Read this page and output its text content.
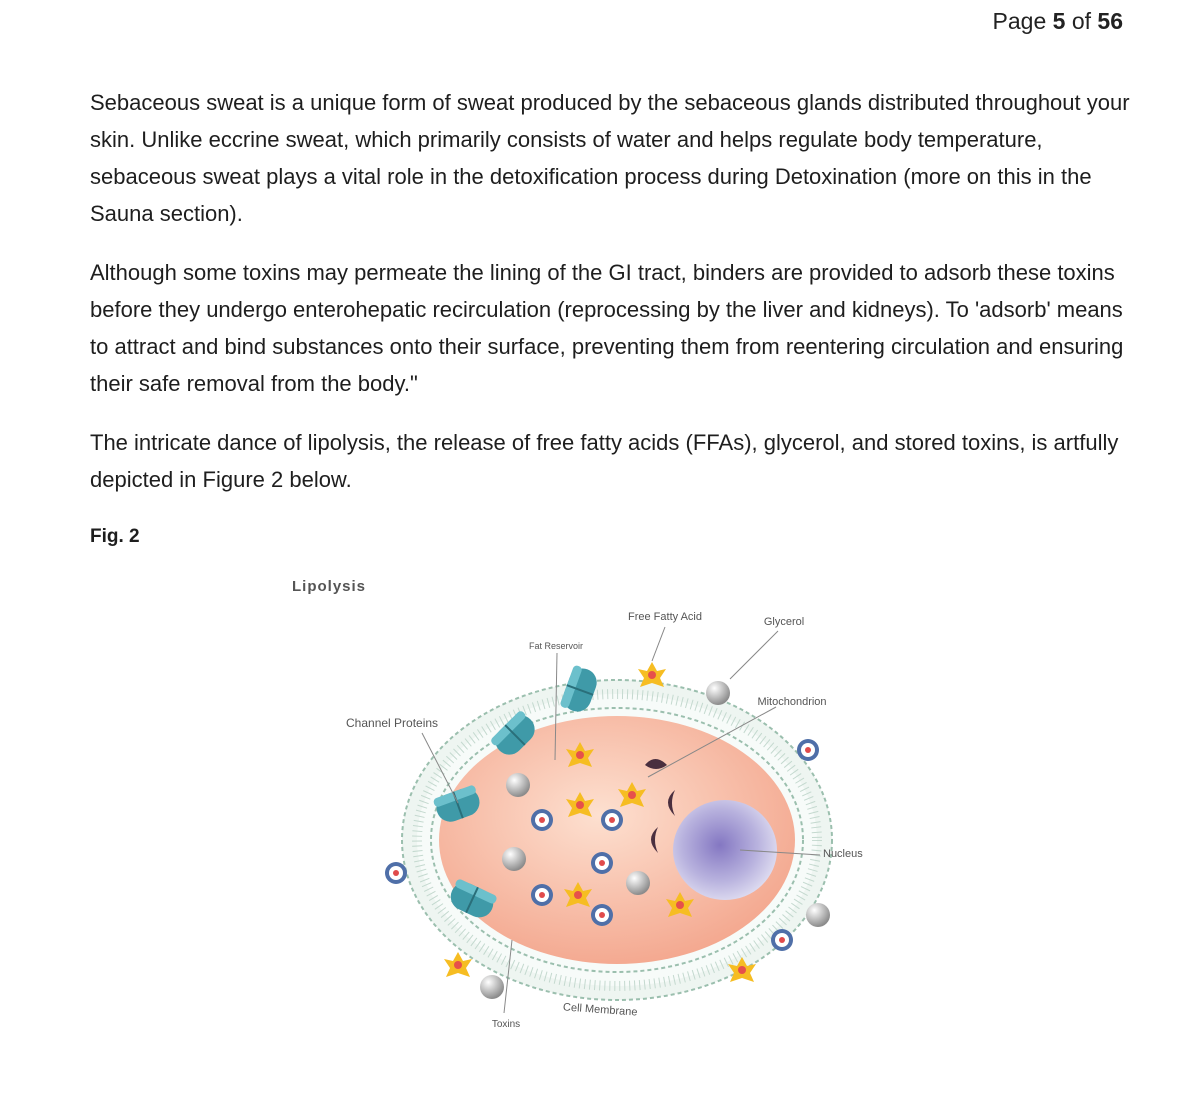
Page 5 of 56

Sebaceous sweat is a unique form of sweat produced by the sebaceous glands distributed throughout your skin. Unlike eccrine sweat, which primarily consists of water and helps regulate body temperature, sebaceous sweat plays a vital role in the detoxification process during Detoxination (more on this in the Sauna section).

Although some toxins may permeate the lining of the GI tract, binders are provided to adsorb these toxins before they undergo enterohepatic recirculation (reprocessing by the liver and kidneys). To 'adsorb' means to attract and bind substances onto their surface, preventing them from reentering circulation and ensuring their safe removal from the body."

The intricate dance of lipolysis, the release of free fatty acids (FFAs), glycerol, and stored toxins, is artfully depicted in Figure 2 below.

Fig. 2
Lipolysis
Free Fatty Acid	Glycerol
Fat Reservoir
Mitochondrion
Channel Proteins
Nucleus
Cell Membrane
Toxins
